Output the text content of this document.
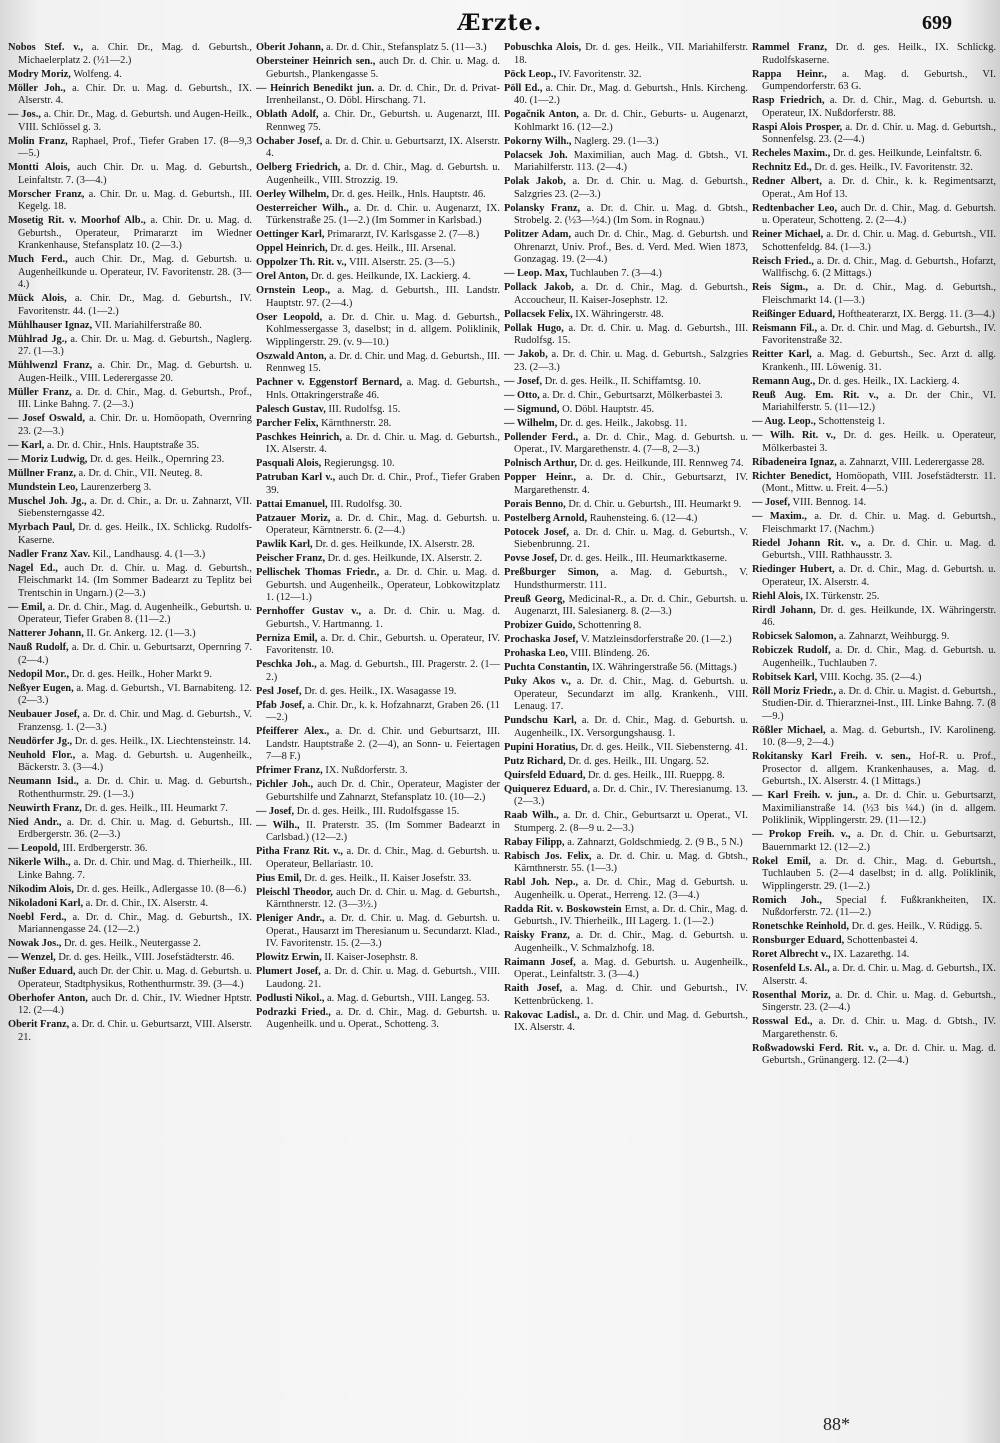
Ærzte.	699

Nobos Stef. v., a. Chir. Dr., Mag. d. Geburtsh., Michaelerplatz 2. (½1—2.)

Modry Moriz, Wolfeng. 4.

Möller Joh., a. Chir. Dr. u. Mag. d. Geburtsh., IX. Alserstr. 4.

— Jos., a. Chir. Dr., Mag. d. Geburtsh. und Augen-Heilk., VIII. Schlössel g. 3.

Molin Franz, Raphael, Prof., Tiefer Graben 17. (8—9,3—5.)

Montti Alois, auch Chir. Dr. u. Mag. d. Geburtsh., Leinfaltstr. 7. (3—4.)

Morscher Franz, a. Chir. Dr. u. Mag. d. Geburtsh., III. Kegelg. 18.

Mosetig Rit. v. Moorhof Alb., a. Chir. Dr. u. Mag. d. Geburtsh., Operateur, Primararzt im Wiedner Krankenhause, Stefansplatz 10. (2—3.)

Much Ferd., auch Chir. Dr., Mag. d. Geburtsh. u. Augenheilkunde u. Operateur, IV. Favoritenstr. 28. (3—4.)

Mück Alois, a. Chir. Dr., Mag. d. Geburtsh., IV. Favoritenstr. 44. (1—2.)

Mühlhauser Ignaz, VII. Mariahilferstraße 80.

Mühlrad Jg., a. Chir. Dr. u. Mag. d. Geburtsh., Naglerg. 27. (1—3.)

Mühlwenzl Franz, a. Chir. Dr., Mag. d. Geburtsh. u. Augen-Heilk., VIII. Lederergasse 20.

Müller Franz, a. Dr. d. Chir., Mag. d. Geburtsh., Prof., III. Linke Bahng. 7. (2—3.)

— Josef Oswald, a. Chir. Dr. u. Homöopath, Overnring 23. (2—3.)

— Karl, a. Dr. d. Chir., Hnls. Hauptstraße 35.

— Moriz Ludwig, Dr. d. ges. Heilk., Opernring 23.

Müllner Franz, a. Dr. d. Chir., VII. Neuteg. 8.

Mundstein Leo, Laurenzerberg 3.

Muschel Joh. Jg., a. Dr. d. Chir., a. Dr. u. Zahnarzt, VII. Siebensterngasse 42.

Myrbach Paul, Dr. d. ges. Heilk., IX. Schlickg. Rudolfs-Kaserne.

Nadler Franz Xav. Kil., Landhausg. 4. (1—3.)

Nagel Ed., auch Dr. d. Chir. u. Mag. d. Geburtsh., Fleischmarkt 14. (Im Sommer Badearzt zu Teplitz bei Trentschin in Ungarn.) (2—3.)

— Emil, a. Dr. d. Chir., Mag. d. Augenheilk., Geburtsh. u. Operateur, Tiefer Graben 8. (11—2.)

Natterer Johann, II. Gr. Ankerg. 12. (1—3.)

Nauß Rudolf, a. Dr. d. Chir. u. Geburtsarzt, Opernring 7. (2—4.)

Nedopil Mor., Dr. d. ges. Heilk., Hoher Markt 9.

Neßyer Eugen, a. Mag. d. Geburtsh., VI. Barnabiteng. 12. (2—3.)

Neubauer Josef, a. Dr. d. Chir. und Mag. d. Geburtsh., V. Franzensg. 1. (2—3.)

Neudörfer Jg., Dr. d. ges. Heilk., IX. Liechtensteinstr. 14.

Neuhold Flor., a. Mag. d. Geburtsh. u. Augenheilk., Bäckerstr. 3. (3—4.)

Neumann Isid., a. Dr. d. Chir. u. Mag. d. Geburtsh., Rothenthurmstr. 29. (1—3.)

Neuwirth Franz, Dr. d. ges. Heilk., III. Heumarkt 7.

Nied Andr., a. Dr. d. Chir. u. Mag. d. Geburtsh., III. Erdbergerstr. 36. (2—3.)

— Leopold, III. Erdbergerstr. 36.

Nikerle Wilh., a. Dr. d. Chir. und Mag. d. Thierheilk., III. Linke Bahng. 7.

Nikodim Alois, Dr. d. ges. Heilk., Adlergasse 10. (8—6.)

Nikoladoni Karl, a. Dr. d. Chir., IX. Alserstr. 4.

Noebl Ferd., a. Dr. d. Chir., Mag. d. Geburtsh., IX. Mariannengasse 24. (12—2.)

Nowak Jos., Dr. d. ges. Heilk., Neutergasse 2.

— Wenzel, Dr. d. ges. Heilk., VIII. Josefstädterstr. 46.

Nußer Eduard, auch Dr. der Chir. u. Mag. d. Geburtsh. u. Operateur, Stadtphysikus, Rothenthurmstr. 39. (3—4.)

Oberhofer Anton, auch Dr. d. Chir., IV. Wiedner Hptstr. 12. (2—4.)

Oberit Franz, a. Dr. d. Chir. u. Geburtsarzt, VIII. Alserstr. 21.

Oberit Johann, a. Dr. d. Chir., Stefansplatz 5. (11—3.)

Obersteiner Heinrich sen., auch Dr. d. Chir. u. Mag. d. Geburtsh., Plankengasse 5.

— Heinrich Benedikt jun. a. Dr. d. Chir., Dr. d. Privat-Irrenheilanst., O. Döbl. Hirschang. 71.

Oblath Adolf, a. Chir. Dr., Geburtsh. u. Augenarzt, III. Rennweg 75.

Ochaber Josef, a. Dr. d. Chir. u. Geburtsarzt, IX. Alserstr. 4.

Oelberg Friedrich, a. Dr. d. Chir., Mag. d. Geburtsh. u. Augenheilk., VIII. Strozzig. 19.

Oerley Wilhelm, Dr. d. ges. Heilk., Hnls. Hauptstr. 46.

Oesterreicher Wilh., a. Dr. d. Chir. u. Augenarzt, IX. Türkenstraße 25. (1—2.) (Im Sommer in Karlsbad.)

Oettinger Karl, Primararzt, IV. Karlsgasse 2. (7—8.)

Oppel Heinrich, Dr. d. ges. Heilk., III. Arsenal.

Oppolzer Th. Rit. v., VIII. Alserstr. 25. (3—5.)

Orel Anton, Dr. d. ges. Heilkunde, IX. Lackierg. 4.

Ornstein Leop., a. Mag. d. Geburtsh., III. Landstr. Hauptstr. 97. (2—4.)

Oser Leopold, a. Dr. d. Chir. u. Mag. d. Geburtsh., Kohlmessergasse 3, daselbst; in d. allgem. Poliklinik, Wipplingerstr. 29. (v. 9—10.)

Oszwald Anton, a. Dr. d. Chir. und Mag. d. Geburtsh., III. Rennweg 15.

Pachner v. Eggenstorf Bernard, a. Mag. d. Geburtsh., Hnls. Ottakringerstraße 46.

Palesch Gustav, III. Rudolfsg. 15.

Parcher Felix, Kärnthnerstr. 28.

Paschkes Heinrich, a. Dr. d. Chir. u. Mag. d. Geburtsh., IX. Alserstr. 4.

Pasquali Alois, Regierungsg. 10.

Patruban Karl v., auch Dr. d. Chir., Prof., Tiefer Graben 39.

Pattai Emanuel, III. Rudolfsg. 30.

Patzauer Moriz, a. Dr. d. Chir., Mag. d. Geburtsh. u. Operateur, Kärntnerstr. 6. (2—4.)

Pawlik Karl, Dr. d. ges. Heilkunde, IX. Alserstr. 28.

Peischer Franz, Dr. d. ges. Heilkunde, IX. Alserstr. 2.

Pellischek Thomas Friedr., a. Dr. d. Chir. u. Mag. d. Geburtsh. und Augenheilk., Operateur, Lobkowitzplatz 1. (12—1.)

Pernhoffer Gustav v., a. Dr. d. Chir. u. Mag. d. Geburtsh., V. Hartmanng. 1.

Perniza Emil, a. Dr. d. Chir., Geburtsh. u. Operateur, IV. Favoritenstr. 10.

Peschka Joh., a. Mag. d. Geburtsh., III. Pragerstr. 2. (1—2.)

Pesl Josef, Dr. d. ges. Heilk., IX. Wasagasse 19.

Pfab Josef, a. Chir. Dr., k. k. Hofzahnarzt, Graben 26. (11—2.)

Pfeifferer Alex., a. Dr. d. Chir. und Geburtsarzt, III. Landstr. Hauptstraße 2. (2—4), an Sonn- u. Feiertagen 7—8 F.)

Pfrimer Franz, IX. Nußdorferstr. 3.

Pichler Joh., auch Dr. d. Chir., Operateur, Magister der Geburtshilfe und Zahnarzt, Stefansplatz 10. (10—2.)

— Josef, Dr. d. ges. Heilk., III. Rudolfsgasse 15.

— Wilh., II. Praterstr. 35. (Im Sommer Badearzt in Carlsbad.) (12—2.)

Pitha Franz Rit. v., a. Dr. d. Chir., Mag. d. Geburtsh. u. Operateur, Bellariastr. 10.

Pius Emil, Dr. d. ges. Heilk., II. Kaiser Josefstr. 33.

Pleischl Theodor, auch Dr. d. Chir. u. Mag. d. Geburtsh., Kärnthnerstr. 12. (3—3½.)

Pleniger Andr., a. Dr. d. Chir. u. Mag. d. Geburtsh. u. Operat., Hausarzt im Theresianum u. Secundarzt. Klad., IV. Favoritenstr. 15. (2—3.)

Plowitz Erwin, II. Kaiser-Josephstr. 8.

Plumert Josef, a. Dr. d. Chir. u. Mag. d. Geburtsh., VIII. Laudong. 21.

Podlusti Nikol., a. Mag. d. Geburtsh., VIII. Langeg. 53.

Podrazki Fried., a. Dr. d. Chir., Mag. d. Geburtsh. u. Augenheilk. und u. Operat., Schotteng. 3.

Pobuschka Alois, Dr. d. ges. Heilk., VII. Mariahilferstr. 18.

Pöck Leop., IV. Favoritenstr. 32.

Pöll Ed., a. Chir. Dr., Mag. d. Geburtsh., Hnls. Kircheng. 40. (1—2.)

Pogačnik Anton, a. Dr. d. Chir., Geburts- u. Augenarzt, Kohlmarkt 16. (12—2.)

Pokorny Wilh., Naglerg. 29. (1—3.)

Polacsek Joh. Maximilian, auch Mag. d. Gbtsh., VI. Mariahilferstr. 113. (2—4.)

Polak Jakob, a. Dr. d. Chir. u. Mag. d. Geburtsh., Salzgries 23. (2—3.)

Polansky Franz, a. Dr. d. Chir. u. Mag. d. Gbtsh., Strobelg. 2. (½3—½4.) (Im Som. in Rognau.)

Politzer Adam, auch Dr. d. Chir., Mag. d. Geburtsh. und Ohrenarzt, Univ. Prof., Bes. d. Verd. Med. Wien 1873, Gonzagag. 19. (2—4.)

— Leop. Max, Tuchlauben 7. (3—4.)

Pollack Jakob, a. Dr. d. Chir., Mag. d. Geburtsh., Accoucheur, II. Kaiser-Josephstr. 12.

Pollacsek Felix, IX. Währingerstr. 48.

Pollak Hugo, a. Dr. d. Chir. u. Mag. d. Geburtsh., III. Rudolfsg. 15.

— Jakob, a. Dr. d. Chir. u. Mag. d. Geburtsh., Salzgries 23. (2—3.)

— Josef, Dr. d. ges. Heilk., II. Schiffamtsg. 10.

— Otto, a. Dr. d. Chir., Geburtsarzt, Mölkerbastei 3.

— Sigmund, O. Döbl. Hauptstr. 45.

— Wilhelm, Dr. d. ges. Heilk., Jakobsg. 11.

Pollender Ferd., a. Dr. d. Chir., Mag. d. Geburtsh. u. Operat., IV. Margarethenstr. 4. (7—8, 2—3.)

Polnisch Arthur, Dr. d. ges. Heilkunde, III. Rennweg 74.

Popper Heinr., a. Dr. d. Chir., Geburtsarzt, IV. Margarethenstr. 4.

Porais Benno, Dr. d. Chir. u. Geburtsh., III. Heumarkt 9.

Postelberg Arnold, Rauhensteing. 6. (12—4.)

Potocek Josef, a. Dr. d. Chir. u. Mag. d. Geburtsh., V. Siebenbrunng. 21.

Povse Josef, Dr. d. ges. Heilk., III. Heumarktkaserne.

Preßburger Simon, a. Mag. d. Geburtsh., V. Hundsthurmerstr. 111.

Preuß Georg, Medicinal-R., a. Dr. d. Chir., Geburtsh. u. Augenarzt, III. Salesianerg. 8. (2—3.)

Probizer Guido, Schottenring 8.

Prochaska Josef, V. Matzleinsdorferstraße 20. (1—2.)

Prohaska Leo, VIII. Blindeng. 26.

Puchta Constantin, IX. Währingerstraße 56. (Mittags.)

Puky Akos v., a. Dr. d. Chir., Mag. d. Geburtsh. u. Operateur, Secundarzt im allg. Krankenh., VIII. Lenaug. 17.

Pundschu Karl, a. Dr. d. Chir., Mag. d. Geburtsh. u. Augenheilk., IX. Versorgungshausg. 1.

Pupini Horatius, Dr. d. ges. Heilk., VII. Siebensterng. 41.

Putz Richard, Dr. d. ges. Heilk., III. Ungarg. 52.

Quirsfeld Eduard, Dr. d. ges. Heilk., III. Rueppg. 8.

Quiquerez Eduard, a. Dr. d. Chir., IV. Theresianumg. 13. (2—3.)

Raab Wilh., a. Dr. d. Chir., Geburtsarzt u. Operat., VI. Stumperg. 2. (8—9 u. 2—3.)

Rabay Filipp, a. Zahnarzt, Goldschmiedg. 2. (9 B., 5 N.)

Rabisch Jos. Felix, a. Dr. d. Chir. u. Mag. d. Gbtsh., Kärnthnerstr. 55. (1—3.)

Rabl Joh. Nep., a. Dr. d. Chir., Mag d. Geburtsh. u. Augenheilk. u. Operat., Herreng. 12. (3—4.)

Radda Rit. v. Boskowstein Ernst, a. Dr. d. Chir., Mag. d. Geburtsh., IV. Thierheilk., III Lagerg. 1. (1—2.)

Raisky Franz, a. Dr. d. Chir., Mag. d. Geburtsh. u. Augenheilk., V. Schmalzhofg. 18.

Raimann Josef, a. Mag. d. Geburtsh. u. Augenheilk., Operat., Leinfaltstr. 3. (3—4.)

Raith Josef, a. Mag. d. Chir. und Geburtsh., IV. Kettenbrückeng. 1.

Rakovac Ladisl., a. Dr. d. Chir. und Mag. d. Geburtsh., IX. Alserstr. 4.

Rammel Franz, Dr. d. ges. Heilk., IX. Schlickg. Rudolfskaserne.

Rappa Heinr., a. Mag. d. Geburtsh., VI. Gumpendorferstr. 63 G.

Rasp Friedrich, a. Dr. d. Chir., Mag. d. Geburtsh. u. Operateur, IX. Nußdorferstr. 88.

Raspi Alois Prosper, a. Dr. d. Chir. u. Mag. d. Geburtsh., Sonnenfelsg. 23. (2—4.)

Recheles Maxim., Dr. d. ges. Heilkunde, Leinfaltstr. 6.

Rechnitz Ed., Dr. d. ges. Heilk., IV. Favoritenstr. 32.

Redner Albert, a. Dr. d. Chir., k. k. Regimentsarzt, Operat., Am Hof 13.

Redtenbacher Leo, auch Dr. d. Chir., Mag. d. Geburtsh. u. Operateur, Schotteng. 2. (2—4.)

Reiner Michael, a. Dr. d. Chir. u. Mag. d. Geburtsh., VII. Schottenfeldg. 84. (1—3.)

Reisch Fried., a. Dr. d. Chir., Mag. d. Geburtsh., Hofarzt, Wallfischg. 6. (2 Mittags.)

Reis Sigm., a. Dr. d. Chir., Mag. d. Geburtsh., Fleischmarkt 14. (1—3.)

Reißinger Eduard, Hoftheaterarzt, IX. Bergg. 11. (3—4.)

Reismann Fil., a. Dr. d. Chir. und Mag. d. Geburtsh., IV. Favoritenstraße 32.

Reitter Karl, a. Mag. d. Geburtsh., Sec. Arzt d. allg. Krankenh., III. Löwenig. 31.

Remann Aug., Dr. d. ges. Heilk., IX. Lackierg. 4.

Reuß Aug. Em. Rit. v., a. Dr. der Chir., VI. Mariahilferstr. 5. (11—12.)

— Aug. Leop., Schottensteig 1.

— Wilh. Rit. v., Dr. d. ges. Heilk. u. Operateur, Mölkerbastei 3.

Ribadeneira Ignaz, a. Zahnarzt, VIII. Lederergasse 28.

Richter Benedict, Homöopath, VIII. Josefstädterstr. 11. (Mont., Mittw. u. Freit. 4—5.)

— Josef, VIII. Bennog. 14.

— Maxim., a. Dr. d. Chir. u. Mag. d. Geburtsh., Fleischmarkt 17. (Nachm.)

Riedel Johann Rit. v., a. Dr. d. Chir. u. Mag. d. Geburtsh., VIII. Rathhausstr. 3.

Riedinger Hubert, a. Dr. d. Chir., Mag. d. Geburtsh. u. Operateur, IX. Alserstr. 4.

Riehl Alois, IX. Türkenstr. 25.

Rirdl Johann, Dr. d. ges. Heilkunde, IX. Währingerstr. 46.

Robicsek Salomon, a. Zahnarzt, Weihburgg. 9.

Robiczek Rudolf, a. Dr. d. Chir., Mag. d. Geburtsh. u. Augenheilk., Tuchlauben 7.

Robitsek Karl, VIII. Kochg. 35. (2—4.)

Röll Moriz Friedr., a. Dr. d. Chir. u. Magist. d. Geburtsh., Studien-Dir. d. Thierarznei-Inst., III. Linke Bahng. 7. (8—9.)

Rößler Michael, a. Mag. d. Geburtsh., IV. Karolineng. 10. (8—9, 2—4.)

Rokitansky Karl Freih. v. sen., Hof-R. u. Prof., Prosector d. allgem. Krankenhauses, a. Mag. d. Geburtsh., IX. Alserstr. 4. (1 Mittags.)

— Karl Freih. v. jun., a. Dr. d. Chir. u. Geburtsarzt, Maximilianstraße 14. (½3 bis ¼4.) (in d. allgem. Poliklinik, Wipplingerstr. 29. (11—12.)

— Prokop Freih. v., a. Dr. d. Chir. u. Geburtsarzt, Bauernmarkt 12. (12—2.)

Rokel Emil, a. Dr. d. Chir., Mag. d. Geburtsh., Tuchlauben 5. (2—4 daselbst; in d. allg. Poliklinik, Wipplingerstr. 29. (1—2.)

Romich Joh., Special f. Fußkrankheiten, IX. Nußdorferstr. 72. (11—2.)

Ronetschke Reinhold, Dr. d. ges. Heilk., V. Rüdigg. 5.

Ronsburger Eduard, Schottenbastei 4.

Roret Albrecht v., IX. Lazarethg. 14.

Rosenfeld Ls. Al., a. Dr. d. Chir. u. Mag. d. Geburtsh., IX. Alserstr. 4.

Rosenthal Moriz, a. Dr. d. Chir. u. Mag. d. Geburtsh., Singerstr. 23. (2—4.)

Rosswal Ed., a. Dr. d. Chir. u. Mag. d. Gbtsh., IV. Margarethenstr. 6.

Roßwadowski Ferd. Rit. v., a. Dr. d. Chir. u. Mag. d. Geburtsh., Grünangerg. 12. (2—4.)

88*
